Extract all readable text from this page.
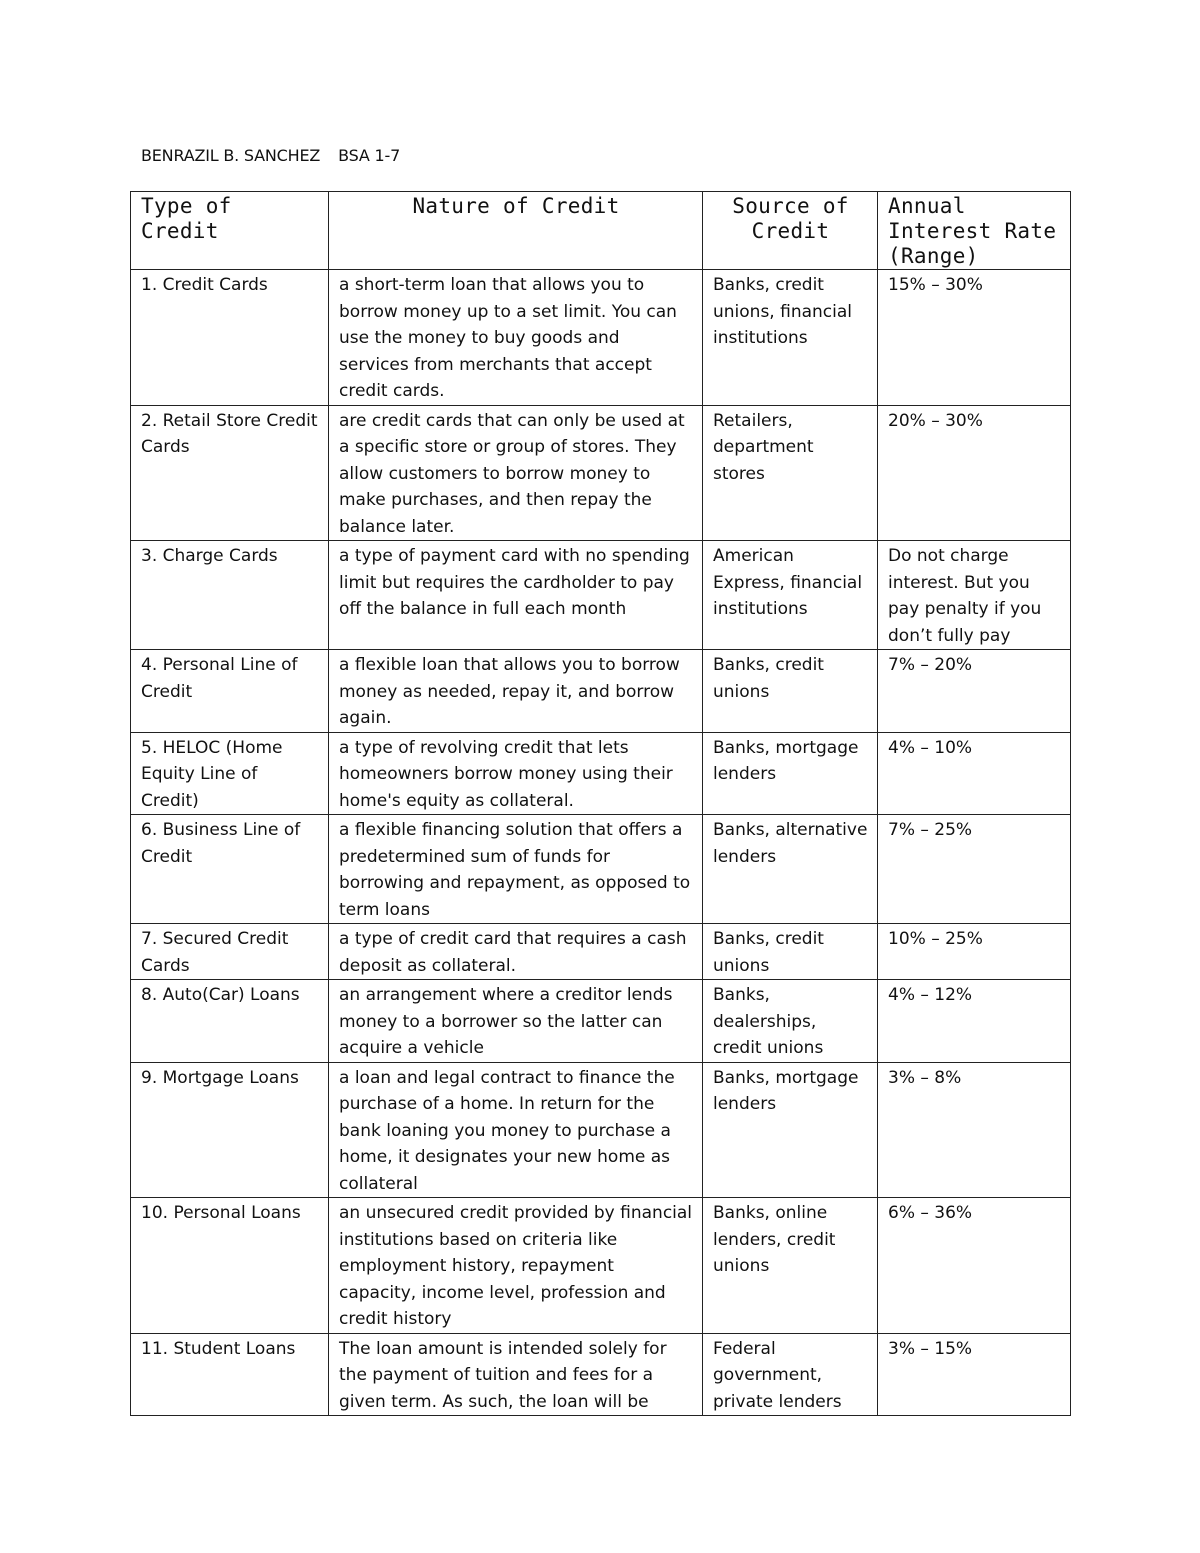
BENRAZIL B. SANCHEZ BSA 1-7
Type of Credit	Nature of Credit	Source of Credit	Annual Interest Rate (Range)
1. Credit Cards	a short-term loan that allows you to borrow money up to a set limit. You can use the money to buy goods and services from merchants that accept credit cards.	Banks, credit unions, financial institutions	15% – 30%
2. Retail Store Credit Cards	are credit cards that can only be used at a specific store or group of stores. They allow customers to borrow money to make purchases, and then repay the balance later.	Retailers, department stores	20% – 30%
3. Charge Cards	a type of payment card with no spending limit but requires the cardholder to pay off the balance in full each month	American Express, financial institutions	Do not charge interest. But you pay penalty if you don’t fully pay
4. Personal Line of Credit	a flexible loan that allows you to borrow money as needed, repay it, and borrow again.	Banks, credit unions	7% – 20%
5. HELOC (Home Equity Line of Credit)	a type of revolving credit that lets homeowners borrow money using their home's equity as collateral.	Banks, mortgage lenders	4% – 10%
6. Business Line of Credit	a flexible financing solution that offers a predetermined sum of funds for borrowing and repayment, as opposed to term loans	Banks, alternative lenders	7% – 25%
7. Secured Credit Cards	a type of credit card that requires a cash deposit as collateral.	Banks, credit unions	10% – 25%
8. Auto(Car) Loans	an arrangement where a creditor lends money to a borrower so the latter can acquire a vehicle	Banks, dealerships, credit unions	4% – 12%
9. Mortgage Loans	a loan and legal contract to finance the purchase of a home. In return for the bank loaning you money to purchase a home, it designates your new home as collateral	Banks, mortgage lenders	3% – 8%
10. Personal Loans	an unsecured credit provided by financial institutions based on criteria like employment history, repayment capacity, income level, profession and credit history	Banks, online lenders, credit unions	6% – 36%
11. Student Loans	The loan amount is intended solely for the payment of tuition and fees for a given term. As such, the loan will be	Federal government, private lenders	3% – 15%
